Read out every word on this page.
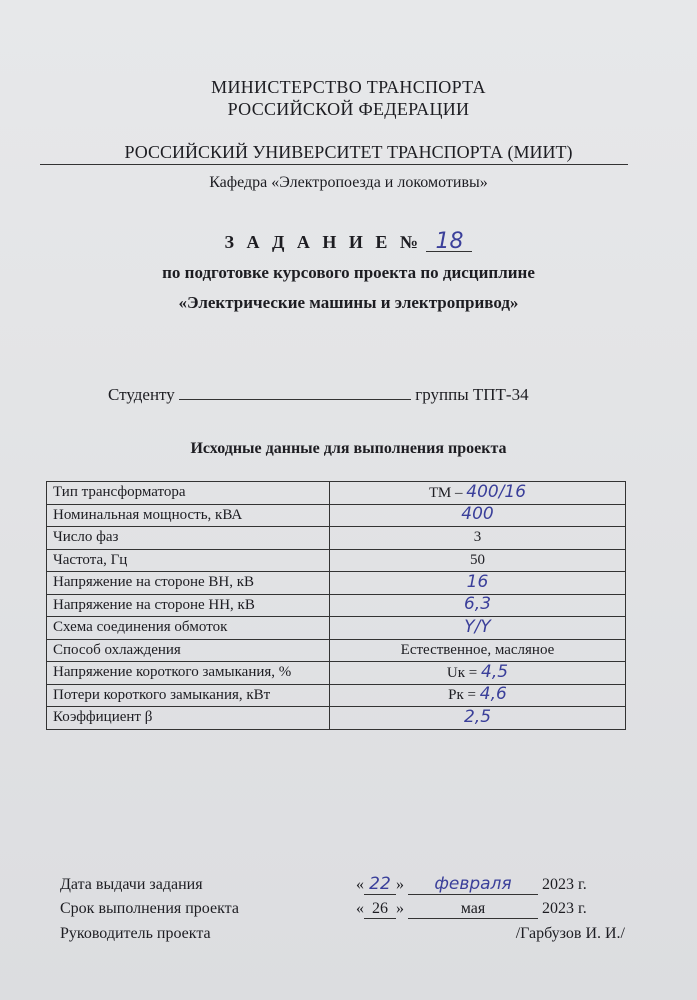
МИНИСТЕРСТВО ТРАНСПОРТА
РОССИЙСКОЙ ФЕДЕРАЦИИ
РОССИЙСКИЙ УНИВЕРСИТЕТ ТРАНСПОРТА (МИИТ)
Кафедра «Электропоезда и локомотивы»
З А Д А Н И Е № 18
по подготовке курсового проекта по дисциплине
«Электрические машины и электропривод»
Студенту	группы ТПТ-34
Исходные данные для выполнения проекта
Тип трансформатора	ТМ – 400/16
Номинальная мощность, кВА	400
Число фаз	3
Частота, Гц	50
Напряжение на стороне ВН, кВ	16
Напряжение на стороне НН, кВ	6,3
Схема соединения обмоток	Y/Y
Способ охлаждения	Естественное, масляное
Напряжение короткого замыкания, %	Uк = 4,5
Потери короткого замыкания, кВт	Pк = 4,6
Коэффициент β	2,5
Дата выдачи задания	« 22 » февраля 2023 г.
Срок выполнения проекта	« 26 »	мая	2023 г.
Руководитель проекта	/Гарбузов И. И./
